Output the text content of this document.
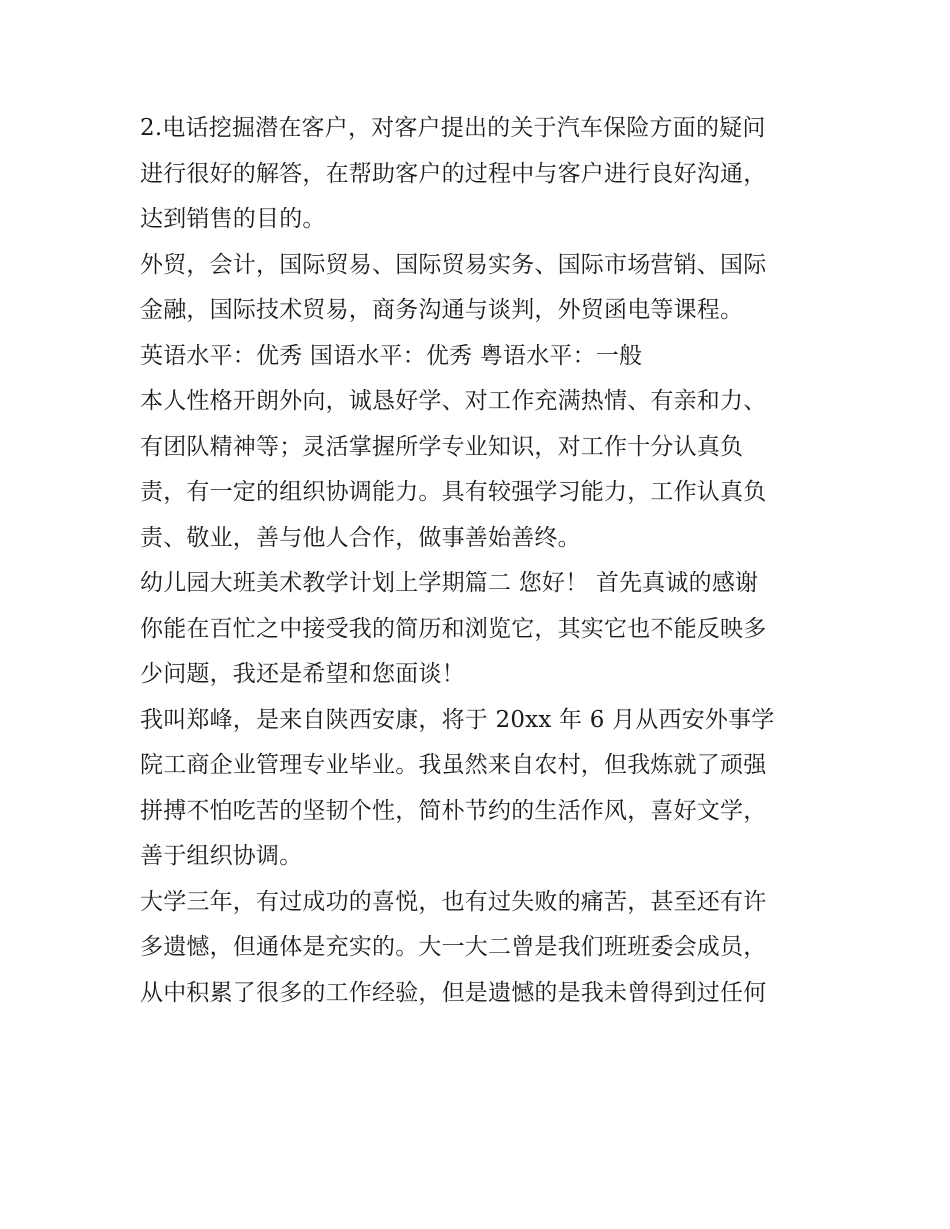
2.电话挖掘潜在客户，对客户提出的关于汽车保险方面的疑问
进行很好的解答，在帮助客户的过程中与客户进行良好沟通，
达到销售的目的。
外贸，会计，国际贸易、国际贸易实务、国际市场营销、国际
金融，国际技术贸易，商务沟通与谈判，外贸函电等课程。
英语水平：优秀 国语水平：优秀 粤语水平：一般
本人性格开朗外向，诚恳好学、对工作充满热情、有亲和力、
有团队精神等；灵活掌握所学专业知识，对工作十分认真负
责，有一定的组织协调能力。具有较强学习能力，工作认真负
责、敬业，善与他人合作，做事善始善终。
幼儿园大班美术教学计划上学期篇二 您好！ 首先真诚的感谢
你能在百忙之中接受我的简历和浏览它，其实它也不能反映多
少问题，我还是希望和您面谈！
我叫郑峰，是来自陕西安康，将于 20xx 年 6 月从西安外事学
院工商企业管理专业毕业。我虽然来自农村，但我炼就了顽强
拼搏不怕吃苦的坚韧个性，简朴节约的生活作风，喜好文学，
善于组织协调。
大学三年，有过成功的喜悦，也有过失败的痛苦，甚至还有许
多遗憾，但通体是充实的。大一大二曾是我们班班委会成员，
从中积累了很多的工作经验，但是遗憾的是我未曾得到过任何
